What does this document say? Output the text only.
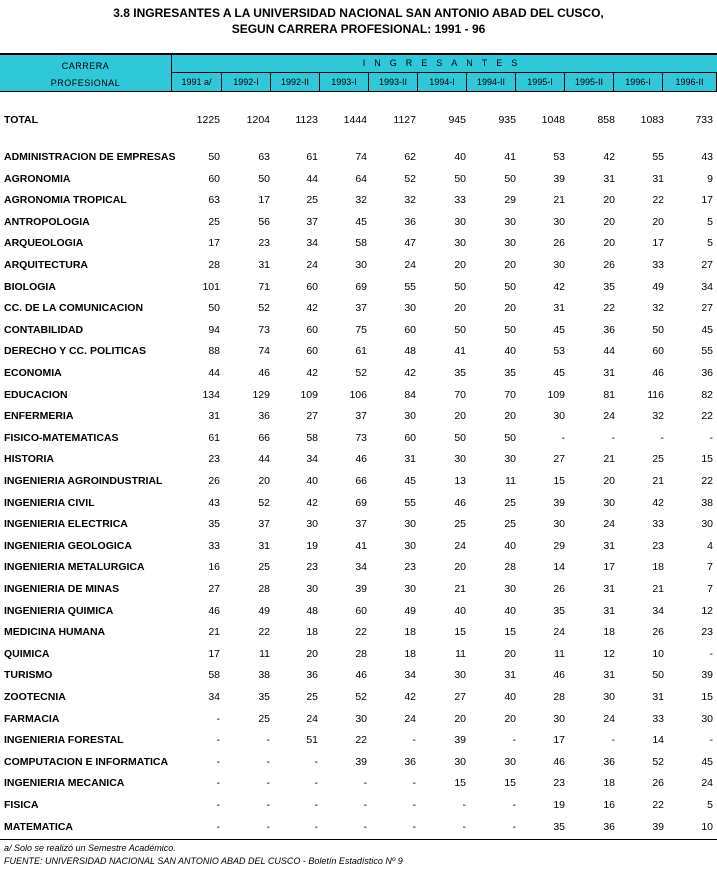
3.8 INGRESANTES A LA UNIVERSIDAD NACIONAL SAN ANTONIO ABAD DEL CUSCO,
SEGUN CARRERA PROFESIONAL: 1991 - 96
CARRERA
PROFESIONAL
INGRESANTES
1991 a/	1992-I	1992-II	1993-I	1993-II	1994-I	1994-II	1995-I	1995-II	1996-I	1996-II
TOTAL	1225	1204 1123 1444	1127	945	935 1048	858 1083	733
ADMINISTRACION DE EMPRESAS	50	63	61	74	62	40	41	53	42	55	43
AGRONOMIA	60	50	44	64	52	50	50	39	31	31	9
AGRONOMIA TROPICAL	63	17	25	32	32	33	29	21	20	22	17
ANTROPOLOGIA	25	56	37	45	36	30	30	30	20	20	5
ARQUEOLOGIA	17	23	34	58	47	30	30	26	20	17	5
ARQUITECTURA	28	31	24	30	24	20	20	30	26	33	27
BIOLOGIA	101	71	60	69	55	50	50	42	35	49	34
CC. DE LA COMUNICACION	50	52	42	37	30	20	20	31	22	32	27
CONTABILIDAD	94	73	60	75	60	50	50	45	36	50	45
DERECHO Y CC. POLITICAS	88	74	60	61	48	41	40	53	44	60	55
ECONOMIA	44	46	42	52	42	35	35	45	31	46	36
EDUCACION	134	129	109	106	84	70	70	109	81	116	82
ENFERMERIA	31	36	27	37	30	20	20	30	24	32	22
FISICO-MATEMATICAS	61	66	58	73	60	50	50	-	-	-	-
HISTORIA	23	44	34	46	31	30	30	27	21	25	15
INGENIERIA AGROINDUSTRIAL	26	20	40	66	45	13	11	15	20	21	22
INGENIERIA CIVIL	43	52	42	69	55	46	25	39	30	42	38
INGENIERIA ELECTRICA	35	37	30	37	30	25	25	30	24	33	30
INGENIERIA GEOLOGICA	33	31	19	41	30	24	40	29	31	23	4
INGENIERIA METALURGICA	16	25	23	34	23	20	28	14	17	18	7
INGENIERIA DE MINAS	27	28	30	39	30	21	30	26	31	21	7
INGENIERIA QUIMICA	46	49	48	60	49	40	40	35	31	34	12
MEDICINA HUMANA	21	22	18	22	18	15	15	24	18	26	23
QUIMICA	17	11	20	28	18	11	20	11	12	10	-
TURISMO	58	38	36	46	34	30	31	46	31	50	39
ZOOTECNIA	34	35	25	52	42	27	40	28	30	31	15
FARMACIA	-	25	24	30	24	20	20	30	24	33	30
INGENIERIA FORESTAL	-	-	51	22	-	39	-	17	-	14	-
COMPUTACION E INFORMATICA	-	-	-	39	36	30	30	46	36	52	45
INGENIERIA MECANICA	-	-	-	-	-	15	15	23	18	26	24
FISICA	-	-	-	-	-	-	-	19	16	22	5
MATEMATICA	-	-	-	-	-	-	-	35	36	39	10
a/ Solo se realizó un Semestre Académico.
FUENTE: UNIVERSIDAD NACIONAL SAN ANTONIO ABAD DEL CUSCO - Boletín Estadístico Nº 9
